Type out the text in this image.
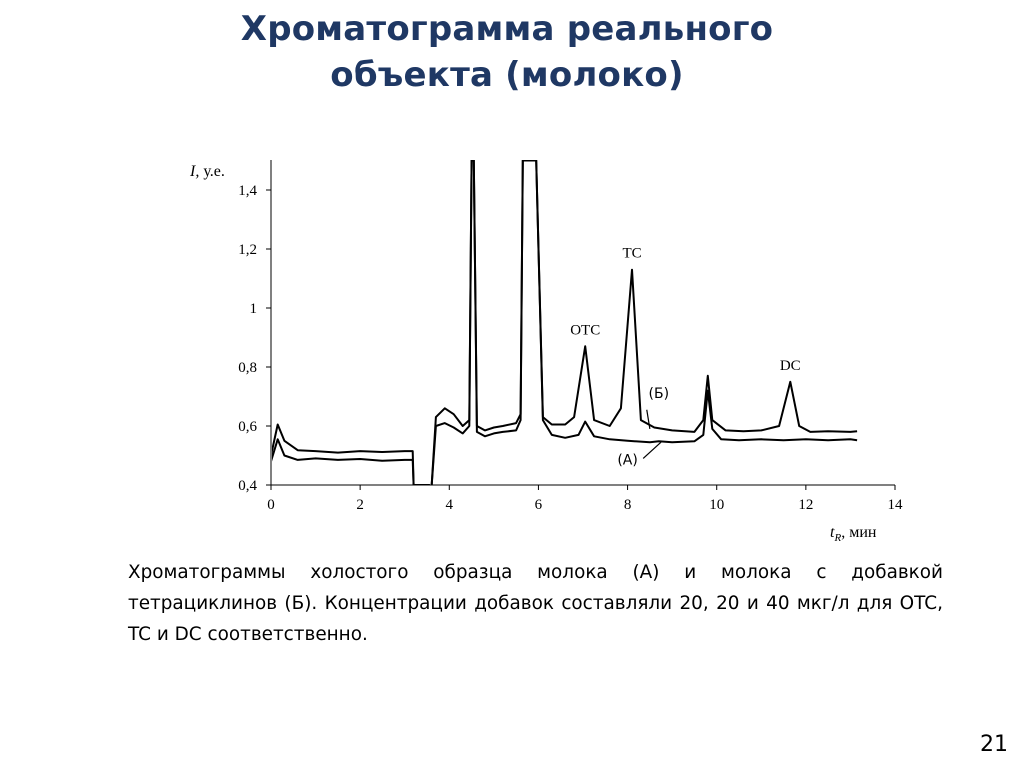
Хроматограмма реального
объекта (молоко)
0	2	4	6	8	10	12	14
0,4
0,6
0,8
1
1,2
1,4
I, у.е.
$t_R$, мин
OTC
TC
DC
(Б)
(А)
Хроматограммы холостого образца молока (А) и молока с добавкой тетрациклинов (Б). Концентрации добавок составляли 20, 20 и 40 мкг/л для OTC, TC и DC соответственно.
21
